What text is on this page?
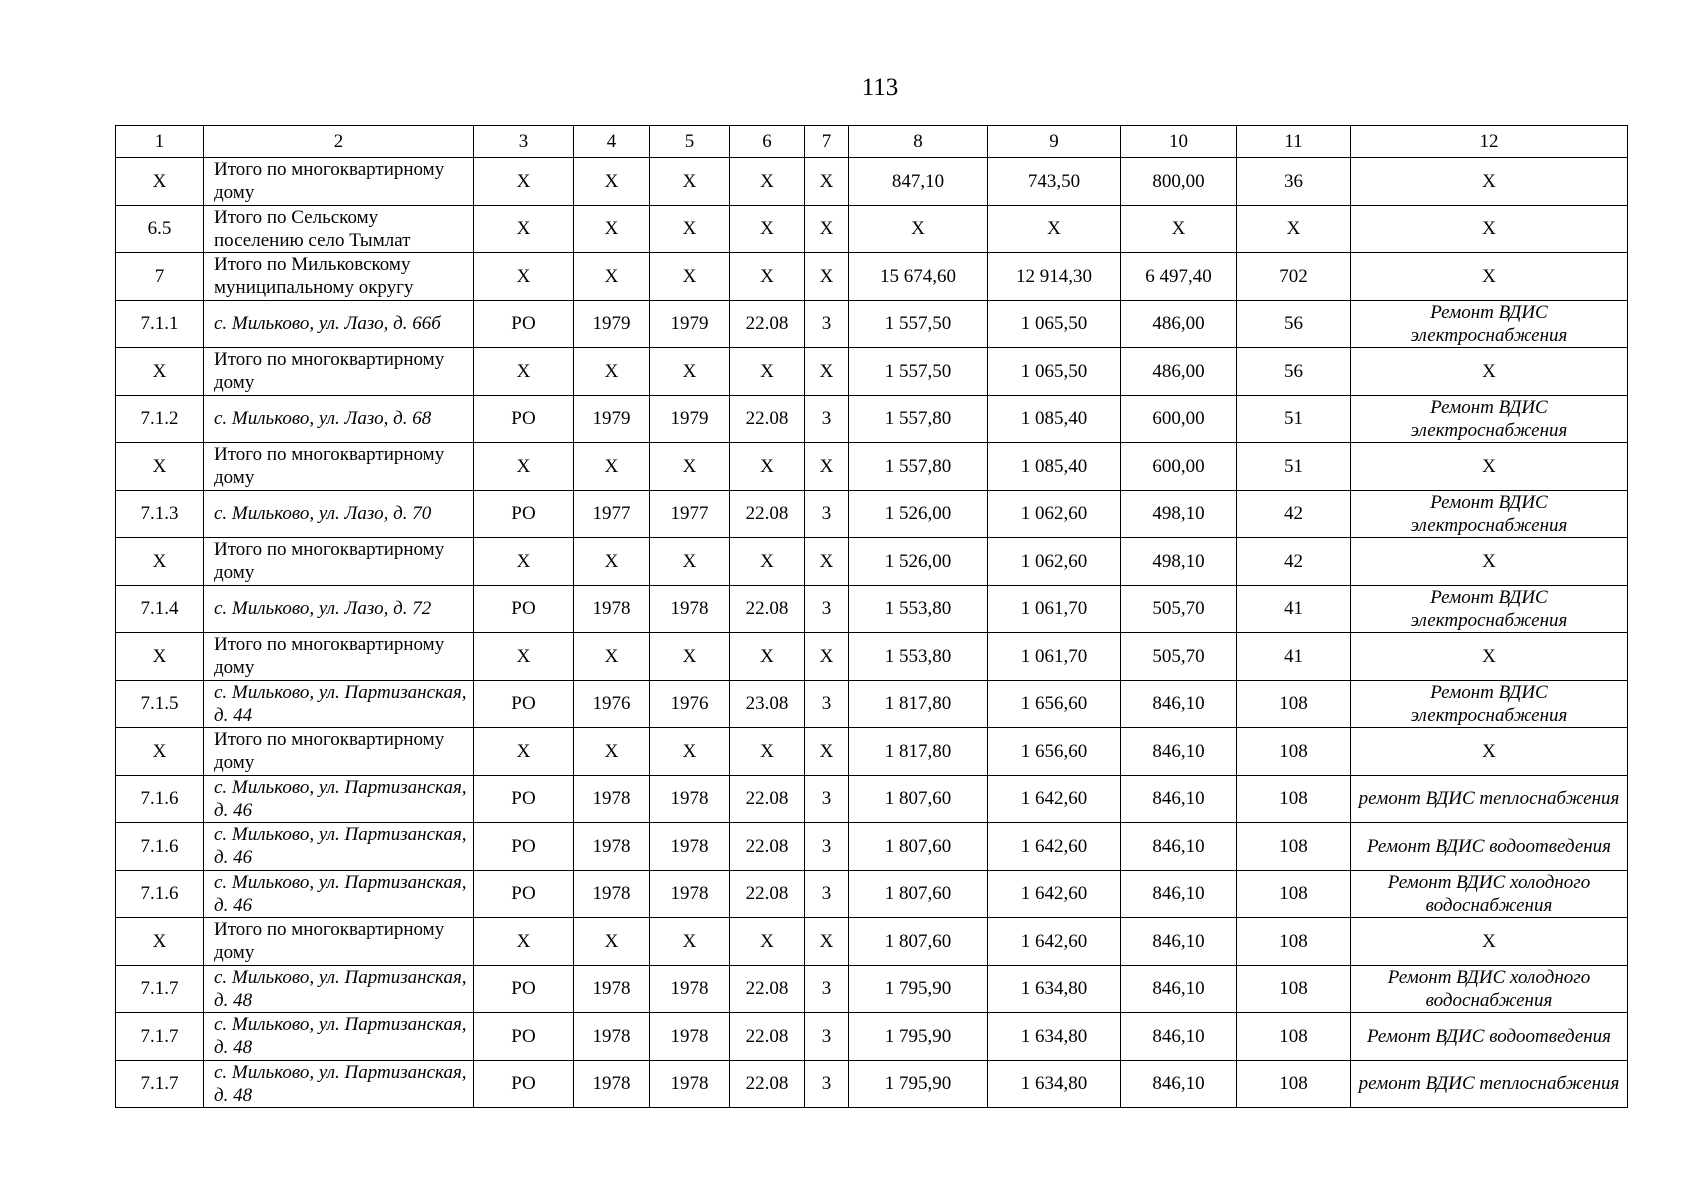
113
1	2	3	4	5	6	7	8	9	10	11	12
Х	Итого по многоквартирному дому	Х	Х	Х	Х	Х	847,10	743,50	800,00	36	Х
6.5	Итого по Сельскому поселению село Тымлат	Х	Х	Х	Х	Х	Х	Х	Х	Х	Х
7	Итого по Мильковскому муниципальному округу	Х	Х	Х	Х	Х	15 674,60	12 914,30	6 497,40	702	Х
7.1.1	с. Мильково, ул. Лазо, д. 66б	РО	1979	1979	22.08	3	1 557,50	1 065,50	486,00	56	Ремонт ВДИС электроснабжения
Х	Итого по многоквартирному дому	Х	Х	Х	Х	Х	1 557,50	1 065,50	486,00	56	Х
7.1.2	с. Мильково, ул. Лазо, д. 68	РО	1979	1979	22.08	3	1 557,80	1 085,40	600,00	51	Ремонт ВДИС электроснабжения
Х	Итого по многоквартирному дому	Х	Х	Х	Х	Х	1 557,80	1 085,40	600,00	51	Х
7.1.3	с. Мильково, ул. Лазо, д. 70	РО	1977	1977	22.08	3	1 526,00	1 062,60	498,10	42	Ремонт ВДИС электроснабжения
Х	Итого по многоквартирному дому	Х	Х	Х	Х	Х	1 526,00	1 062,60	498,10	42	Х
7.1.4	с. Мильково, ул. Лазо, д. 72	РО	1978	1978	22.08	3	1 553,80	1 061,70	505,70	41	Ремонт ВДИС электроснабжения
Х	Итого по многоквартирному дому	Х	Х	Х	Х	Х	1 553,80	1 061,70	505,70	41	Х
7.1.5	с. Мильково, ул. Партизанская, д. 44	РО	1976	1976	23.08	3	1 817,80	1 656,60	846,10	108	Ремонт ВДИС электроснабжения
Х	Итого по многоквартирному дому	Х	Х	Х	Х	Х	1 817,80	1 656,60	846,10	108	Х
7.1.6	с. Мильково, ул. Партизанская, д. 46	РО	1978	1978	22.08	3	1 807,60	1 642,60	846,10	108	ремонт ВДИС теплоснабжения
7.1.6	с. Мильково, ул. Партизанская, д. 46	РО	1978	1978	22.08	3	1 807,60	1 642,60	846,10	108	Ремонт ВДИС водоотведения
7.1.6	с. Мильково, ул. Партизанская, д. 46	РО	1978	1978	22.08	3	1 807,60	1 642,60	846,10	108	Ремонт ВДИС холодного водоснабжения
Х	Итого по многоквартирному дому	Х	Х	Х	Х	Х	1 807,60	1 642,60	846,10	108	Х
7.1.7	с. Мильково, ул. Партизанская, д. 48	РО	1978	1978	22.08	3	1 795,90	1 634,80	846,10	108	Ремонт ВДИС холодного водоснабжения
7.1.7	с. Мильково, ул. Партизанская, д. 48	РО	1978	1978	22.08	3	1 795,90	1 634,80	846,10	108	Ремонт ВДИС водоотведения
7.1.7	с. Мильково, ул. Партизанская, д. 48	РО	1978	1978	22.08	3	1 795,90	1 634,80	846,10	108	ремонт ВДИС теплоснабжения
